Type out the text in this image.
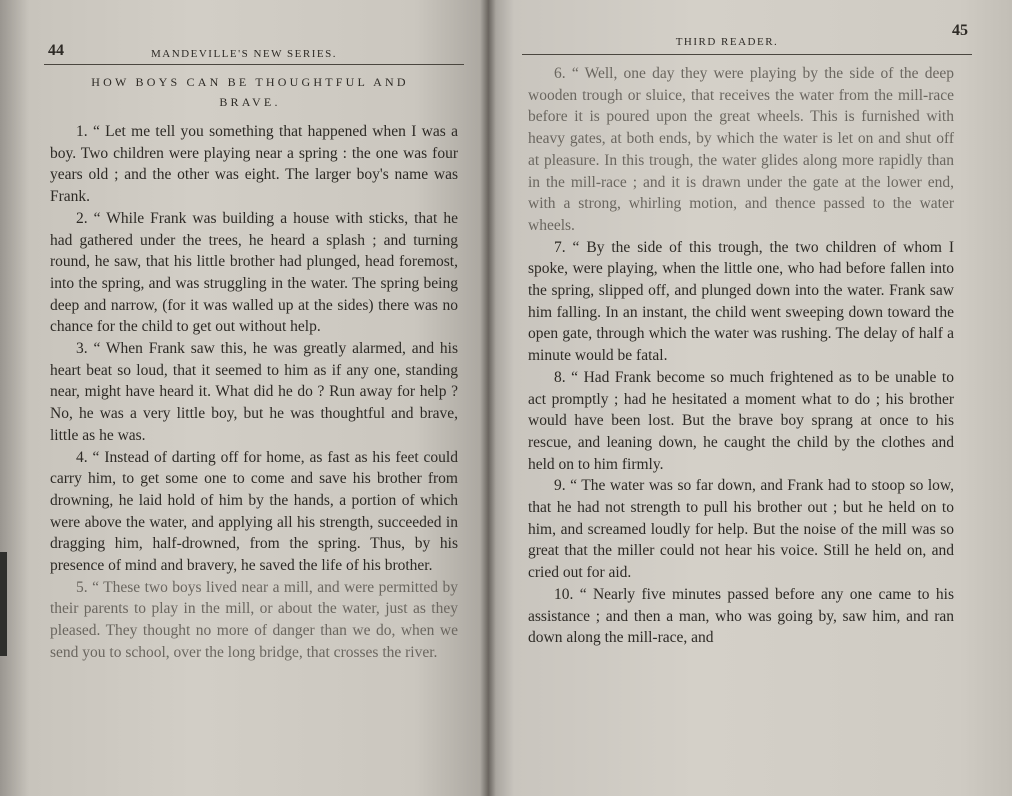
44	MANDEVILLE'S NEW SERIES.
HOW BOYS CAN BE THOUGHTFUL AND BRAVE.

1. “ Let me tell you something that happened when I was a boy. Two children were playing near a spring : the one was four years old ; and the other was eight. The larger boy's name was Frank.

2. “ While Frank was building a house with sticks, that he had gathered under the trees, he heard a splash ; and turning round, he saw, that his little brother had plunged, head foremost, into the spring, and was struggling in the water. The spring being deep and narrow, (for it was walled up at the sides) there was no chance for the child to get out without help.

3. “ When Frank saw this, he was greatly alarmed, and his heart beat so loud, that it seemed to him as if any one, standing near, might have heard it. What did he do ? Run away for help ? No, he was a very little boy, but he was thoughtful and brave, little as he was.

4. “ Instead of darting off for home, as fast as his feet could carry him, to get some one to come and save his brother from drowning, he laid hold of him by the hands, a portion of which were above the water, and applying all his strength, succeeded in dragging him, half-drowned, from the spring. Thus, by his presence of mind and bravery, he saved the life of his brother.

5. “ These two boys lived near a mill, and were permitted by their parents to play in the mill, or about the water, just as they pleased. They thought no more of danger than we do, when we send you to school, over the long bridge, that crosses the river.

THIRD READER.
45

6. “ Well, one day they were playing by the side of the deep wooden trough or sluice, that receives the water from the mill-race before it is poured upon the great wheels. This is furnished with heavy gates, at both ends, by which the water is let on and shut off at pleasure. In this trough, the water glides along more rapidly than in the mill-race ; and it is drawn under the gate at the lower end, with a strong, whirling motion, and thence passed to the water wheels.

7. “ By the side of this trough, the two children of whom I spoke, were playing, when the little one, who had before fallen into the spring, slipped off, and plunged down into the water. Frank saw him falling. In an instant, the child went sweeping down toward the open gate, through which the water was rushing. The delay of half a minute would be fatal.

8. “ Had Frank become so much frightened as to be unable to act promptly ; had he hesitated a moment what to do ; his brother would have been lost. But the brave boy sprang at once to his rescue, and leaning down, he caught the child by the clothes and held on to him firmly.

9. “ The water was so far down, and Frank had to stoop so low, that he had not strength to pull his brother out ; but he held on to him, and screamed loudly for help. But the noise of the mill was so great that the miller could not hear his voice. Still he held on, and cried out for aid.

10. “ Nearly five minutes passed before any one came to his assistance ; and then a man, who was going by, saw him, and ran down along the mill-race, and
